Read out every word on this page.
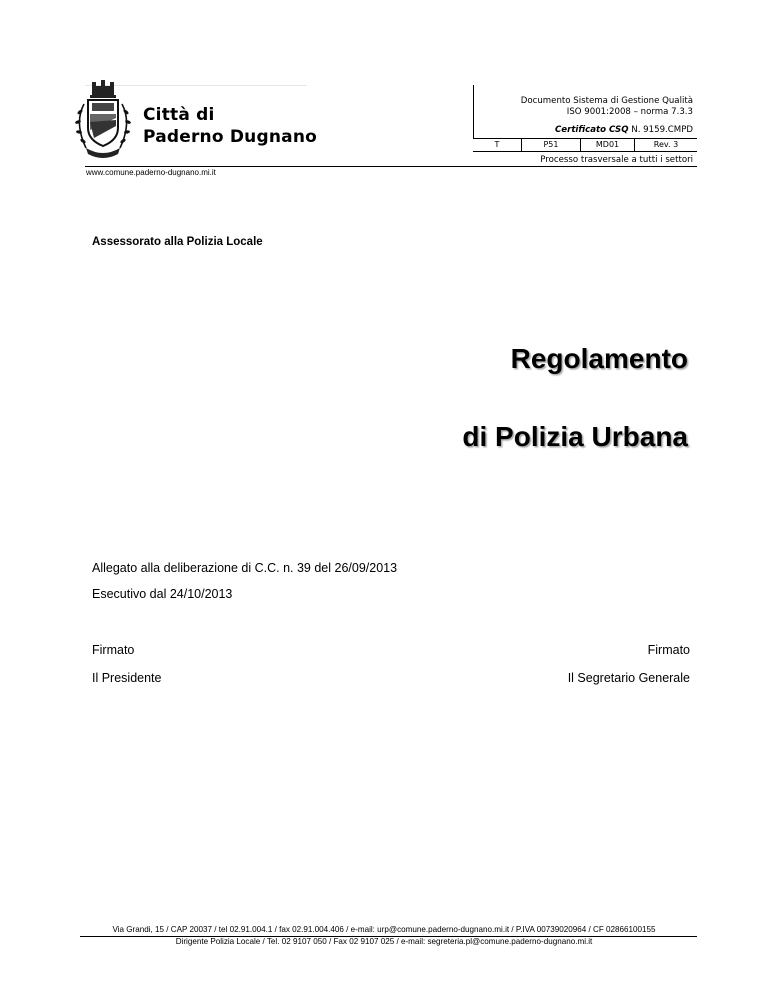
Città di
Paderno Dugnano
Documento Sistema di Gestione Qualità
ISO 9001:2008 – norma 7.3.3
Certificato CSQ N. 9159.CMPD
T	P51	MD01	Rev. 3
Processo trasversale a tutti i settori
www.comune.paderno-dugnano.mi.it
Assessorato alla Polizia Locale
Regolamento
di Polizia Urbana
Allegato alla deliberazione di C.C. n. 39 del 26/09/2013
Esecutivo dal 24/10/2013
Firmato
Il Presidente
Firmato
Il Segretario Generale
Via Grandi, 15 / CAP 20037 / tel 02.91.004.1 / fax 02.91.004.406 / e-mail: urp@comune.paderno-dugnano.mi.it / P.IVA 00739020964 / CF 02866100155
Dirigente Polizia Locale / Tel. 02 9107 050 / Fax 02 9107 025 / e-mail: segreteria.pl@comune.paderno-dugnano.mi.it
